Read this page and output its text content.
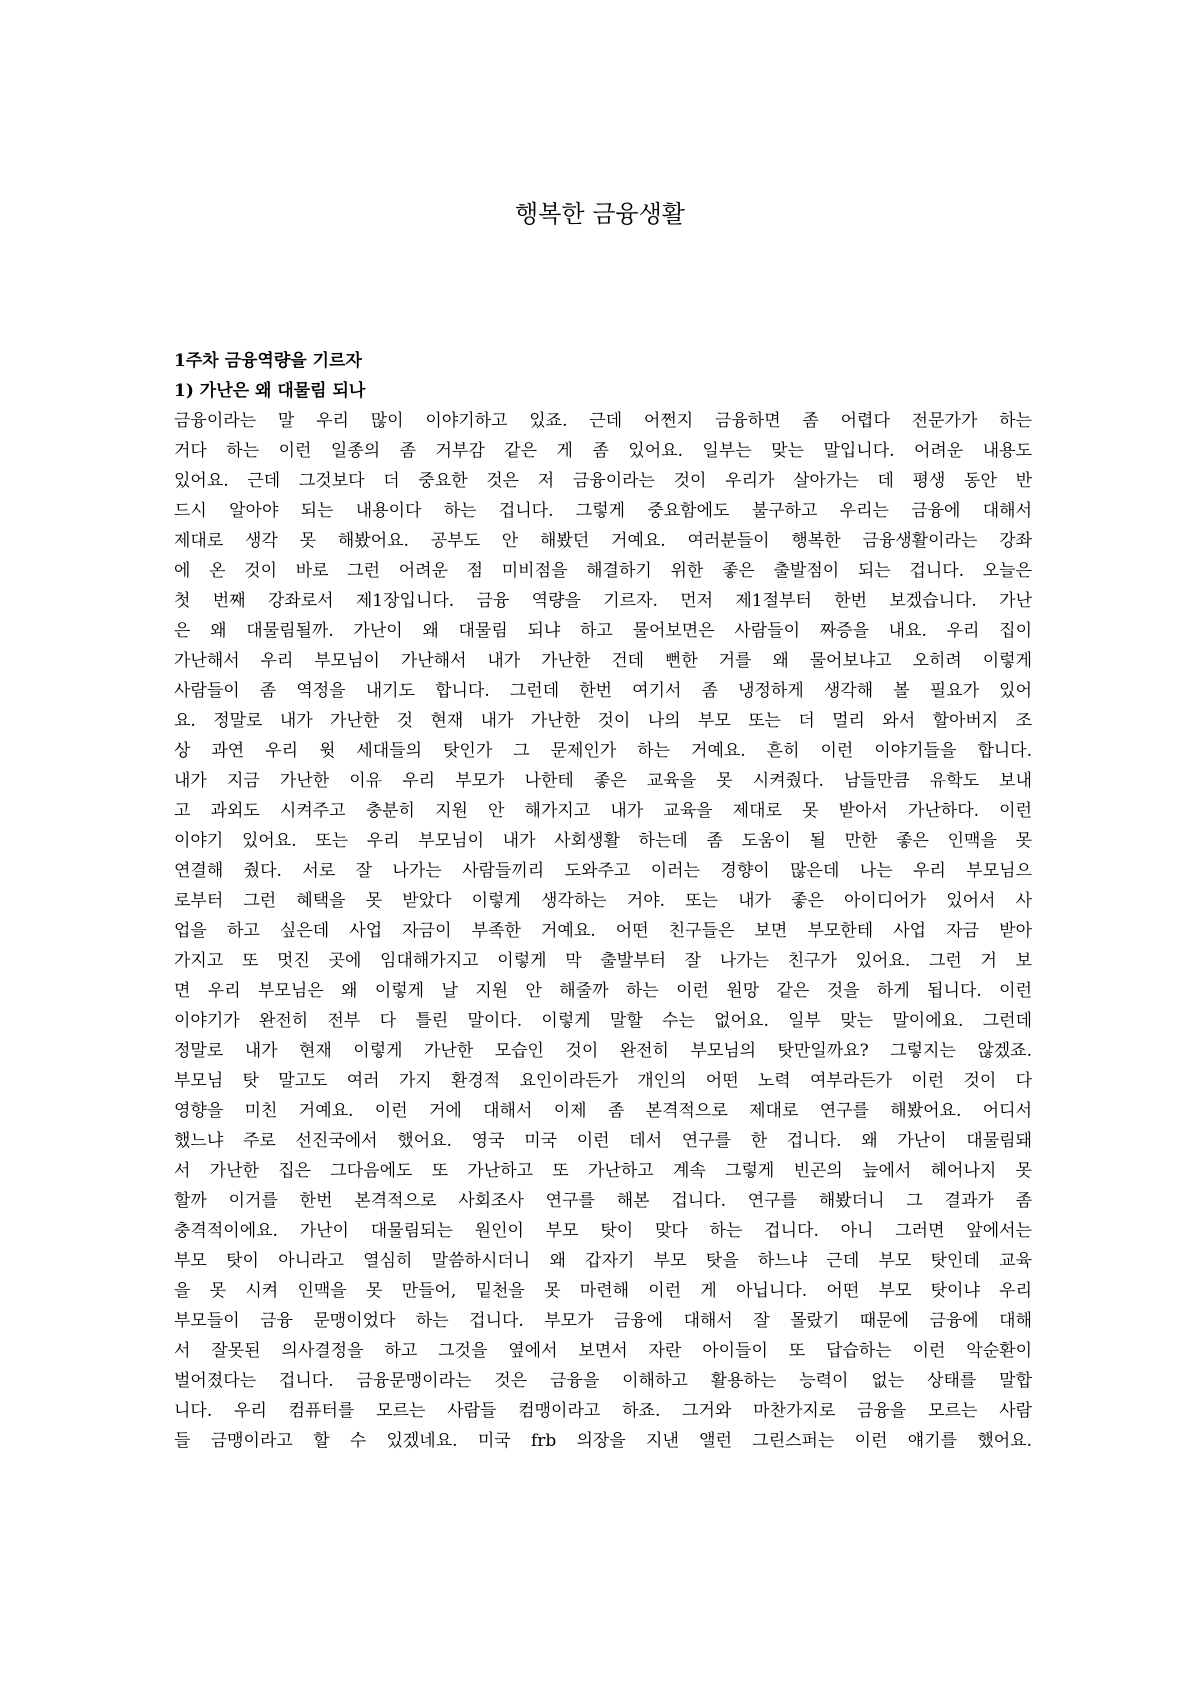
행복한 금융생활
1주차 금융역량을 기르자
1) 가난은 왜 대물림 되나
금융이라는 말 우리 많이 이야기하고 있죠. 근데 어쩐지 금융하면 좀 어렵다 전문가가 하는
거다 하는 이런 일종의 좀 거부감 같은 게 좀 있어요. 일부는 맞는 말입니다. 어려운 내용도
있어요. 근데 그것보다 더 중요한 것은 저 금융이라는 것이 우리가 살아가는 데 평생 동안 반
드시 알아야 되는 내용이다 하는 겁니다. 그렇게 중요함에도 불구하고 우리는 금융에 대해서
제대로 생각 못 해봤어요. 공부도 안 해봤던 거예요. 여러분들이 행복한 금융생활이라는 강좌
에 온 것이 바로 그런 어려운 점 미비점을 해결하기 위한 좋은 출발점이 되는 겁니다. 오늘은
첫 번째 강좌로서 제1장입니다. 금융 역량을 기르자. 먼저 제1절부터 한번 보겠습니다. 가난
은 왜 대물림될까. 가난이 왜 대물림 되냐 하고 물어보면은 사람들이 짜증을 내요. 우리 집이
가난해서 우리 부모님이 가난해서 내가 가난한 건데 뻔한 거를 왜 물어보냐고 오히려 이렇게
사람들이 좀 역정을 내기도 합니다. 그런데 한번 여기서 좀 냉정하게 생각해 볼 필요가 있어
요. 정말로 내가 가난한 것 현재 내가 가난한 것이 나의 부모 또는 더 멀리 와서 할아버지 조
상 과연 우리 윗 세대들의 탓인가 그 문제인가 하는 거예요. 흔히 이런 이야기들을 합니다.
내가 지금 가난한 이유 우리 부모가 나한테 좋은 교육을 못 시켜줬다. 남들만큼 유학도 보내
고 과외도 시켜주고 충분히 지원 안 해가지고 내가 교육을 제대로 못 받아서 가난하다. 이런
이야기 있어요. 또는 우리 부모님이 내가 사회생활 하는데 좀 도움이 될 만한 좋은 인맥을 못
연결해 줬다. 서로 잘 나가는 사람들끼리 도와주고 이러는 경향이 많은데 나는 우리 부모님으
로부터 그런 혜택을 못 받았다 이렇게 생각하는 거야. 또는 내가 좋은 아이디어가 있어서 사
업을 하고 싶은데 사업 자금이 부족한 거예요. 어떤 친구들은 보면 부모한테 사업 자금 받아
가지고 또 멋진 곳에 임대해가지고 이렇게 막 출발부터 잘 나가는 친구가 있어요. 그런 거 보
면 우리 부모님은 왜 이렇게 날 지원 안 해줄까 하는 이런 원망 같은 것을 하게 됩니다. 이런
이야기가 완전히 전부 다 틀린 말이다. 이렇게 말할 수는 없어요. 일부 맞는 말이에요. 그런데
정말로 내가 현재 이렇게 가난한 모습인 것이 완전히 부모님의 탓만일까요? 그렇지는 않겠죠.
부모님 탓 말고도 여러 가지 환경적 요인이라든가 개인의 어떤 노력 여부라든가 이런 것이 다
영향을 미친 거예요. 이런 거에 대해서 이제 좀 본격적으로 제대로 연구를 해봤어요. 어디서
했느냐 주로 선진국에서 했어요. 영국 미국 이런 데서 연구를 한 겁니다. 왜 가난이 대물림돼
서 가난한 집은 그다음에도 또 가난하고 또 가난하고 계속 그렇게 빈곤의 늪에서 헤어나지 못
할까 이거를 한번 본격적으로 사회조사 연구를 해본 겁니다. 연구를 해봤더니 그 결과가 좀
충격적이에요. 가난이 대물림되는 원인이 부모 탓이 맞다 하는 겁니다. 아니 그러면 앞에서는
부모 탓이 아니라고 열심히 말씀하시더니 왜 갑자기 부모 탓을 하느냐 근데 부모 탓인데 교육
을 못 시켜 인맥을 못 만들어, 밑천을 못 마련해 이런 게 아닙니다. 어떤 부모 탓이냐 우리
부모들이 금융 문맹이었다 하는 겁니다. 부모가 금융에 대해서 잘 몰랐기 때문에 금융에 대해
서 잘못된 의사결정을 하고 그것을 옆에서 보면서 자란 아이들이 또 답습하는 이런 악순환이
벌어졌다는 겁니다. 금융문맹이라는 것은 금융을 이해하고 활용하는 능력이 없는 상태를 말합
니다. 우리 컴퓨터를 모르는 사람들 컴맹이라고 하죠. 그거와 마찬가지로 금융을 모르는 사람
들 금맹이라고 할 수 있겠네요. 미국 frb 의장을 지낸 앨런 그린스퍼는 이런 얘기를 했어요.
